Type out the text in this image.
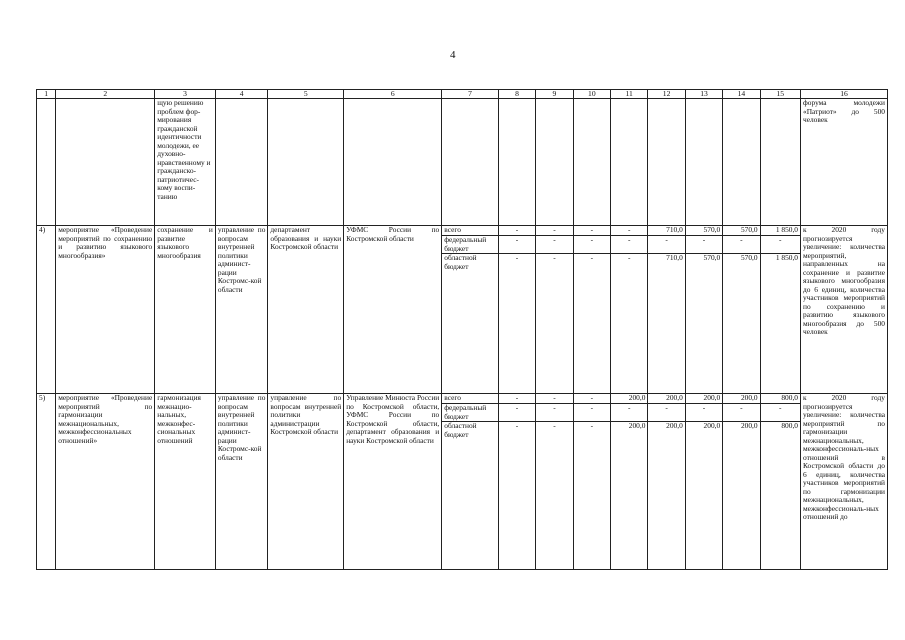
4
1	2	3	4	5	6	7	8	9	10	11	12	13	14	15	16
		щую решению проблем фор-мирования гражданской идентичности молодежи, ее духовно-нравственному и гражданско-патриотичес-кому воспи-танию													форума молодежи «Патриот» до 500 человек
4)	мероприятие «Проведение мероприятий по сохранению и развитию языкового многообразия»	сохранение и развитие языкового многообразия	управление по вопросам внутренней политики админист-рации Костромс-кой области	департамент образования и науки Костромской области	УФМС России по Костромской области	всего	-	-	-	-	710,0	570,0	570,0	1 850,0	к 2020 году прогнозируется увеличение: количества мероприятий, направленных на сохранение и развитие языкового многообразия до 6 единиц, количества участников мероприятий по сохранению и развитию языкового многообразия до 500 человек
						федеральный бюджет	-	-	-	-	-	-	-	-	
						областной бюджет	-	-	-	-	710,0	570,0	570,0	1 850,0	
5)	мероприятие «Проведение мероприятий по гармонизации межнациональных, межконфессиональных отношений»	гармонизация межнацио-нальных, межконфес-сиональных отношений	управление по вопросам внутренней политики админист-рации Костромс-кой области	управление по вопросам внутренней политики администрации Костромской области	Управление Минюста России по Костромской области, УФМС России по Костромской области, департамент образования и науки Костромской области	всего	-	-	-	200,0	200,0	200,0	200,0	800,0	к 2020 году прогнозируется увеличение: количества мероприятий по гармонизации межнациональных, межконфессиональ-ных отношений в Костромской области до 6 единиц, количества участников мероприятий по гармонизации межнациональных, межконфессиональ-ных отношений до
						федеральный бюджет	-	-	-	-	-	-	-	-	
						областной бюджет	-	-	-	200,0	200,0	200,0	200,0	800,0	
